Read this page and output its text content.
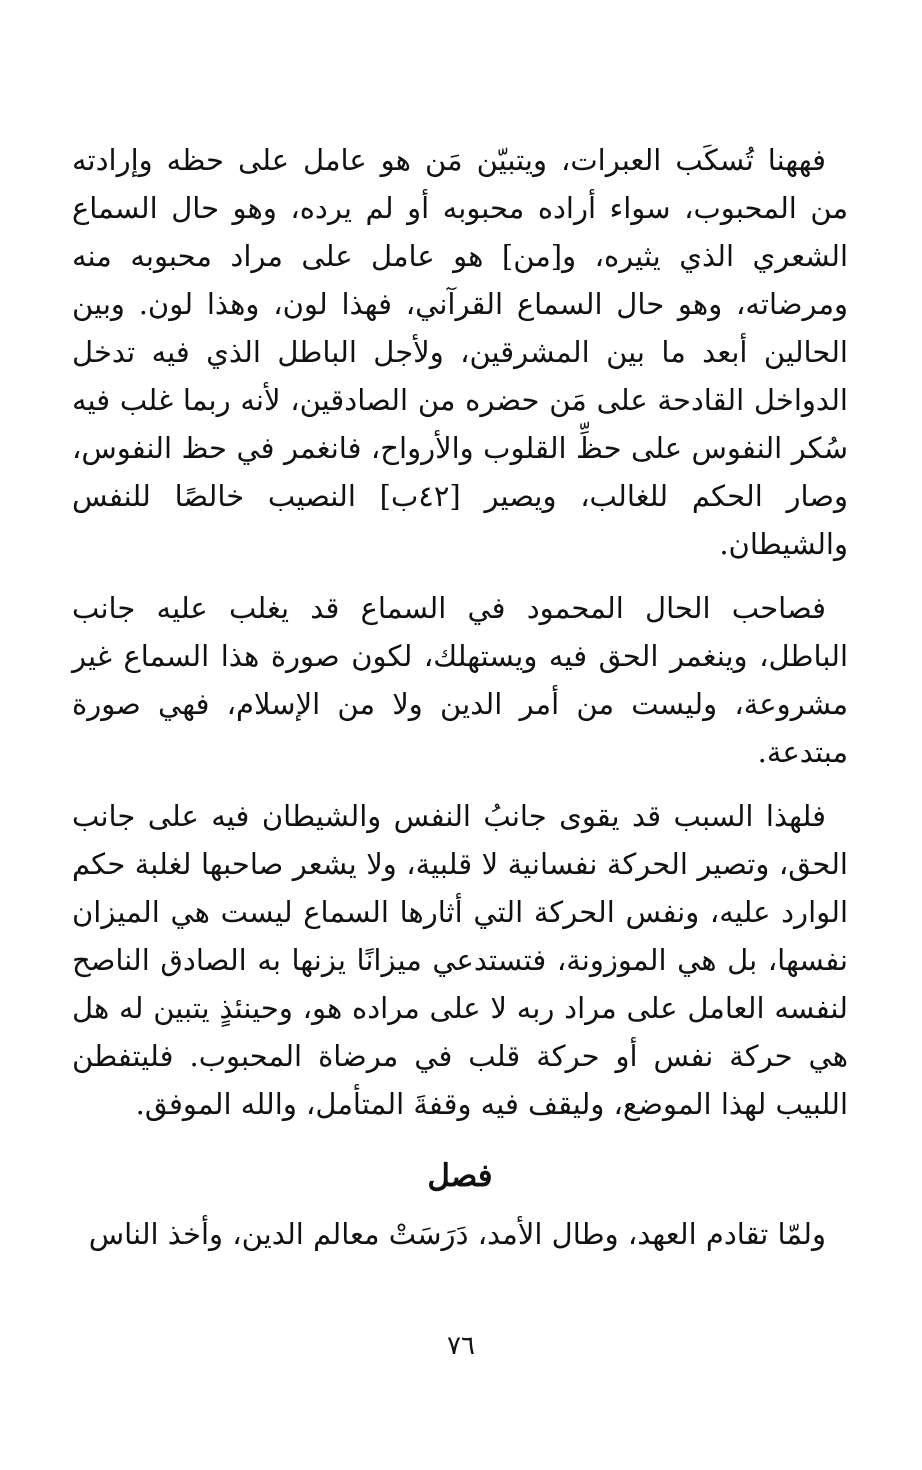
فههنا تُسكَب العبرات، ويتبيّن مَن هو عامل على حظه وإرادته من المحبوب، سواء أراده محبوبه أو لم يرده، وهو حال السماع الشعري الذي يثيره، و[من] هو عامل على مراد محبوبه منه ومرضاته، وهو حال السماع القرآني، فهذا لون، وهذا لون. وبين الحالين أبعد ما بين المشرقين، ولأجل الباطل الذي فيه تدخل الدواخل القادحة على مَن حضره من الصادقين، لأنه ربما غلب فيه سُكر النفوس على حظِّ القلوب والأرواح، فانغمر في حظ النفوس، وصار الحكم للغالب، ويصير [٤٢ب] النصيب خالصًا للنفس والشيطان.

فصاحب الحال المحمود في السماع قد يغلب عليه جانب الباطل، وينغمر الحق فيه ويستهلك، لكون صورة هذا السماع غير مشروعة، وليست من أمر الدين ولا من الإسلام، فهي صورة مبتدعة.

فلهذا السبب قد يقوى جانبُ النفس والشيطان فيه على جانب الحق، وتصير الحركة نفسانية لا قلبية، ولا يشعر صاحبها لغلبة حكم الوارد عليه، ونفس الحركة التي أثارها السماع ليست هي الميزان نفسها، بل هي الموزونة، فتستدعي ميزانًا يزنها به الصادق الناصح لنفسه العامل على مراد ربه لا على مراده هو، وحينئذٍ يتبين له هل هي حركة نفس أو حركة قلب في مرضاة المحبوب. فليتفطن اللبيب لهذا الموضع، وليقف فيه وقفةَ المتأمل، والله الموفق.

فصل

ولمّا تقادم العهد، وطال الأمد، دَرَسَتْ معالم الدين، وأخذ الناس

٧٦
